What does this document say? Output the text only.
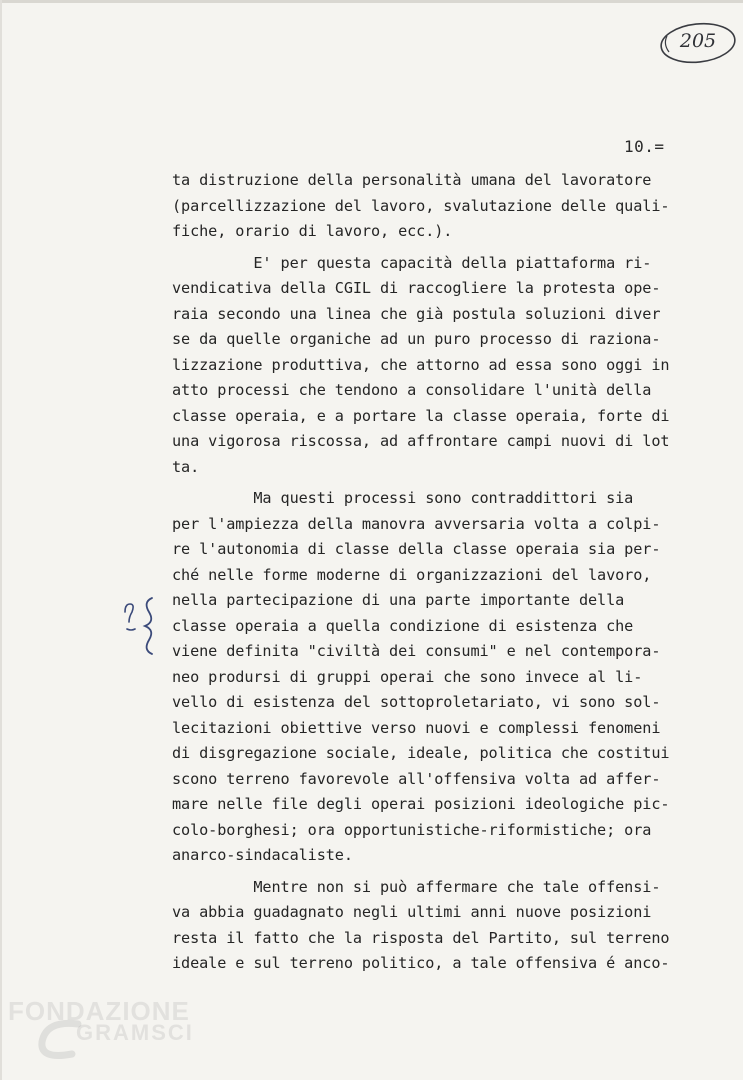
205
10.=
ta distruzione della personalità umana del lavoratore
(parcellizzazione del lavoro, svalutazione delle quali-
fiche, orario di lavoro, ecc.).
E' per questa capacità della piattaforma ri-
vendicativa della CGIL di raccogliere la protesta ope-
raia secondo una linea che già postula soluzioni diver
se da quelle organiche ad un puro processo di raziona-
lizzazione produttiva, che attorno ad essa sono oggi in
atto processi che tendono a consolidare l'unità della
classe operaia, e a portare la classe operaia, forte di
una vigorosa riscossa, ad affrontare campi nuovi di lot
ta.
Ma questi processi sono contraddittori sia
per l'ampiezza della manovra avversaria volta a colpi-
re l'autonomia di classe della classe operaia sia per-
ché nelle forme moderne di organizzazioni del lavoro,
nella partecipazione di una parte importante della
classe operaia a quella condizione di esistenza che
viene definita "civiltà dei consumi" e nel contempora-
neo prodursi di gruppi operai che sono invece al li-
vello di esistenza del sottoproletariato, vi sono sol-
lecitazioni obiettive verso nuovi e complessi fenomeni
di disgregazione sociale, ideale, politica che costitui
scono terreno favorevole all'offensiva volta ad affer-
mare nelle file degli operai posizioni ideologiche pic-
colo-borghesi; ora opportunistiche-riformistiche; ora
anarco-sindacaliste.
Mentre non si può affermare che tale offensi-
va abbia guadagnato negli ultimi anni nuove posizioni
resta il fatto che la risposta del Partito, sul terreno
ideale e sul terreno politico, a tale offensiva é anco-
FONDAZIONE
GRAMSCI
